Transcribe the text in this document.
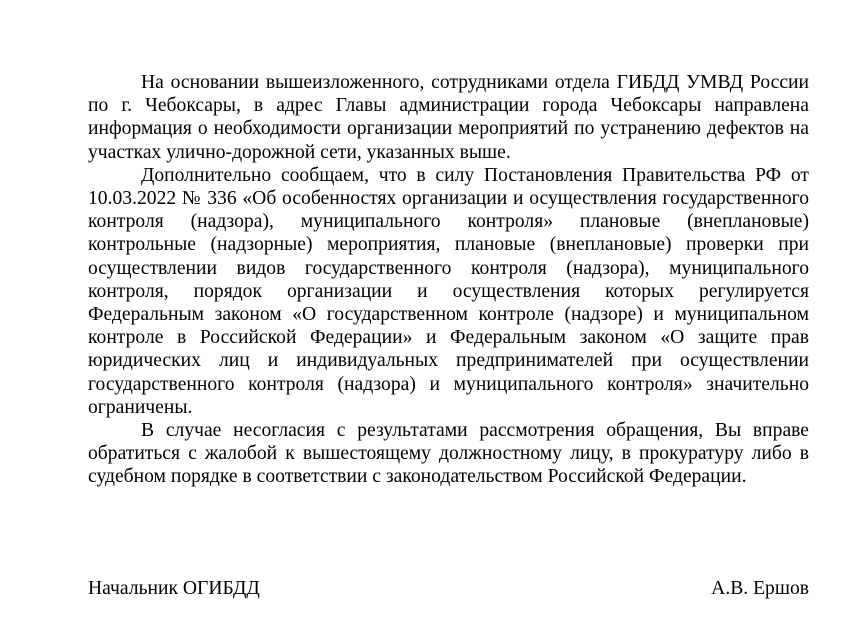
На основании вышеизложенного, сотрудниками отдела ГИБДД УМВД России по г. Чебоксары, в адрес Главы администрации города Чебоксары направлена информация о необходимости организации мероприятий по устранению дефектов на участках улично-дорожной сети, указанных выше.

Дополнительно сообщаем, что в силу Постановления Правительства РФ от 10.03.2022 № 336 «Об особенностях организации и осуществления государственного контроля (надзора), муниципального контроля» плановые (внеплановые) контрольные (надзорные) мероприятия, плановые (внеплановые) проверки при осуществлении видов государственного контроля (надзора), муниципального контроля, порядок организации и осуществления которых регулируется Федеральным законом «О государственном контроле (надзоре) и муниципальном контроле в Российской Федерации» и Федеральным законом «О защите прав юридических лиц и индивидуальных предпринимателей при осуществлении государственного контроля (надзора) и муниципального контроля» значительно ограничены.

В случае несогласия с результатами рассмотрения обращения, Вы вправе обратиться с жалобой к вышестоящему должностному лицу, в прокуратуру либо в судебном порядке в соответствии с законодательством Российской Федерации.

Начальник ОГИБДД	А.В. Ершов
